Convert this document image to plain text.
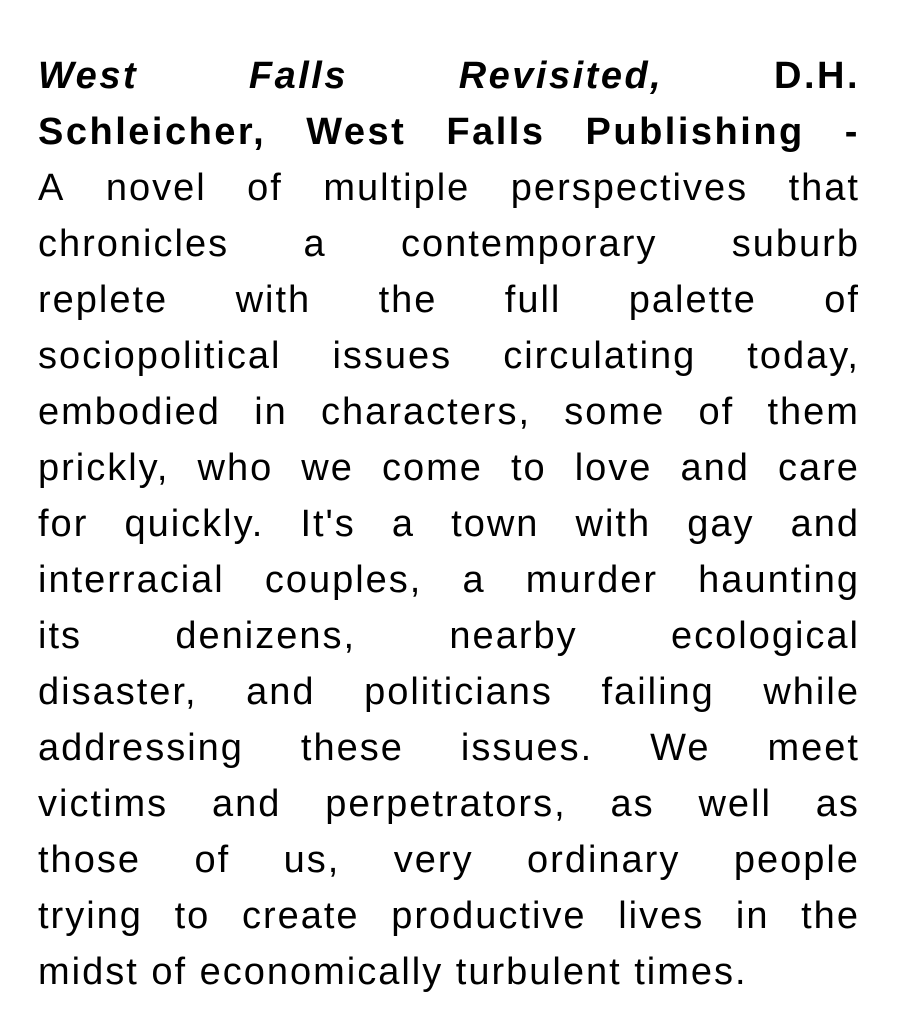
West	Falls	Revisited,	D.H.
Schleicher, West Falls Publishing -
A novel of multiple perspectives that
chronicles a contemporary suburb
replete with the full palette of
sociopolitical issues circulating today,
embodied in characters, some of them
prickly, who we come to love and care
for quickly. It's a town with gay and
interracial couples, a murder haunting
its denizens, nearby ecological
disaster, and politicians failing while
addressing these issues. We meet
victims and perpetrators, as well as
those of us, very ordinary people
trying to create productive lives in the
midst of economically turbulent times.
